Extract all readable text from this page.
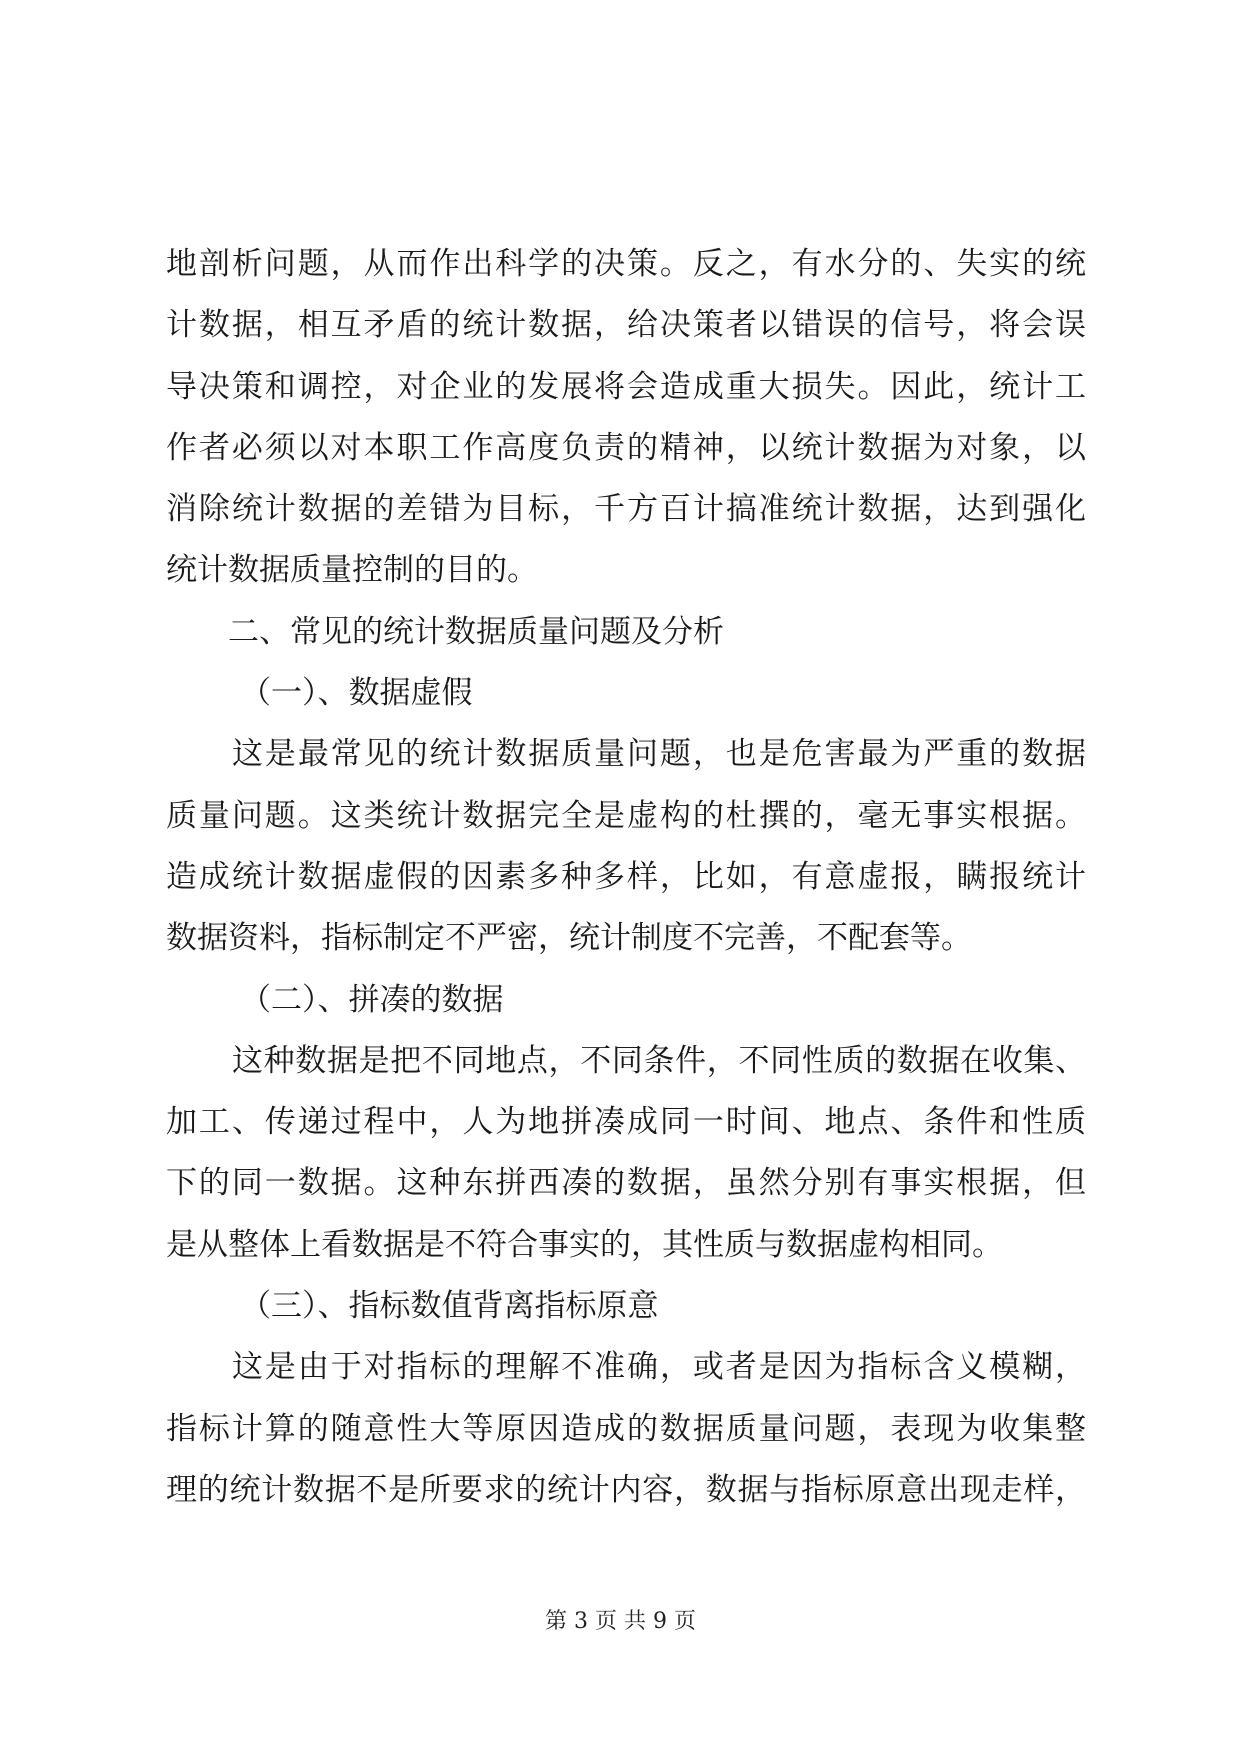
地剖析问题，从而作出科学的决策。反之，有水分的、失实的统
计数据，相互矛盾的统计数据，给决策者以错误的信号，将会误
导决策和调控，对企业的发展将会造成重大损失。因此，统计工
作者必须以对本职工作高度负责的精神，以统计数据为对象，以
消除统计数据的差错为目标，千方百计搞准统计数据，达到强化
统计数据质量控制的目的。
二、常见的统计数据质量问题及分析
（一）、数据虚假
这是最常见的统计数据质量问题，也是危害最为严重的数据
质量问题。这类统计数据完全是虚构的杜撰的，毫无事实根据。
造成统计数据虚假的因素多种多样，比如，有意虚报，瞒报统计
数据资料，指标制定不严密，统计制度不完善，不配套等。
（二）、拼凑的数据
这种数据是把不同地点，不同条件，不同性质的数据在收集、
加工、传递过程中，人为地拼凑成同一时间、地点、条件和性质
下的同一数据。这种东拼西凑的数据，虽然分别有事实根据，但
是从整体上看数据是不符合事实的，其性质与数据虚构相同。
（三）、指标数值背离指标原意
这是由于对指标的理解不准确，或者是因为指标含义模糊，
指标计算的随意性大等原因造成的数据质量问题，表现为收集整
理的统计数据不是所要求的统计内容，数据与指标原意出现走样，
第 3 页 共 9 页
